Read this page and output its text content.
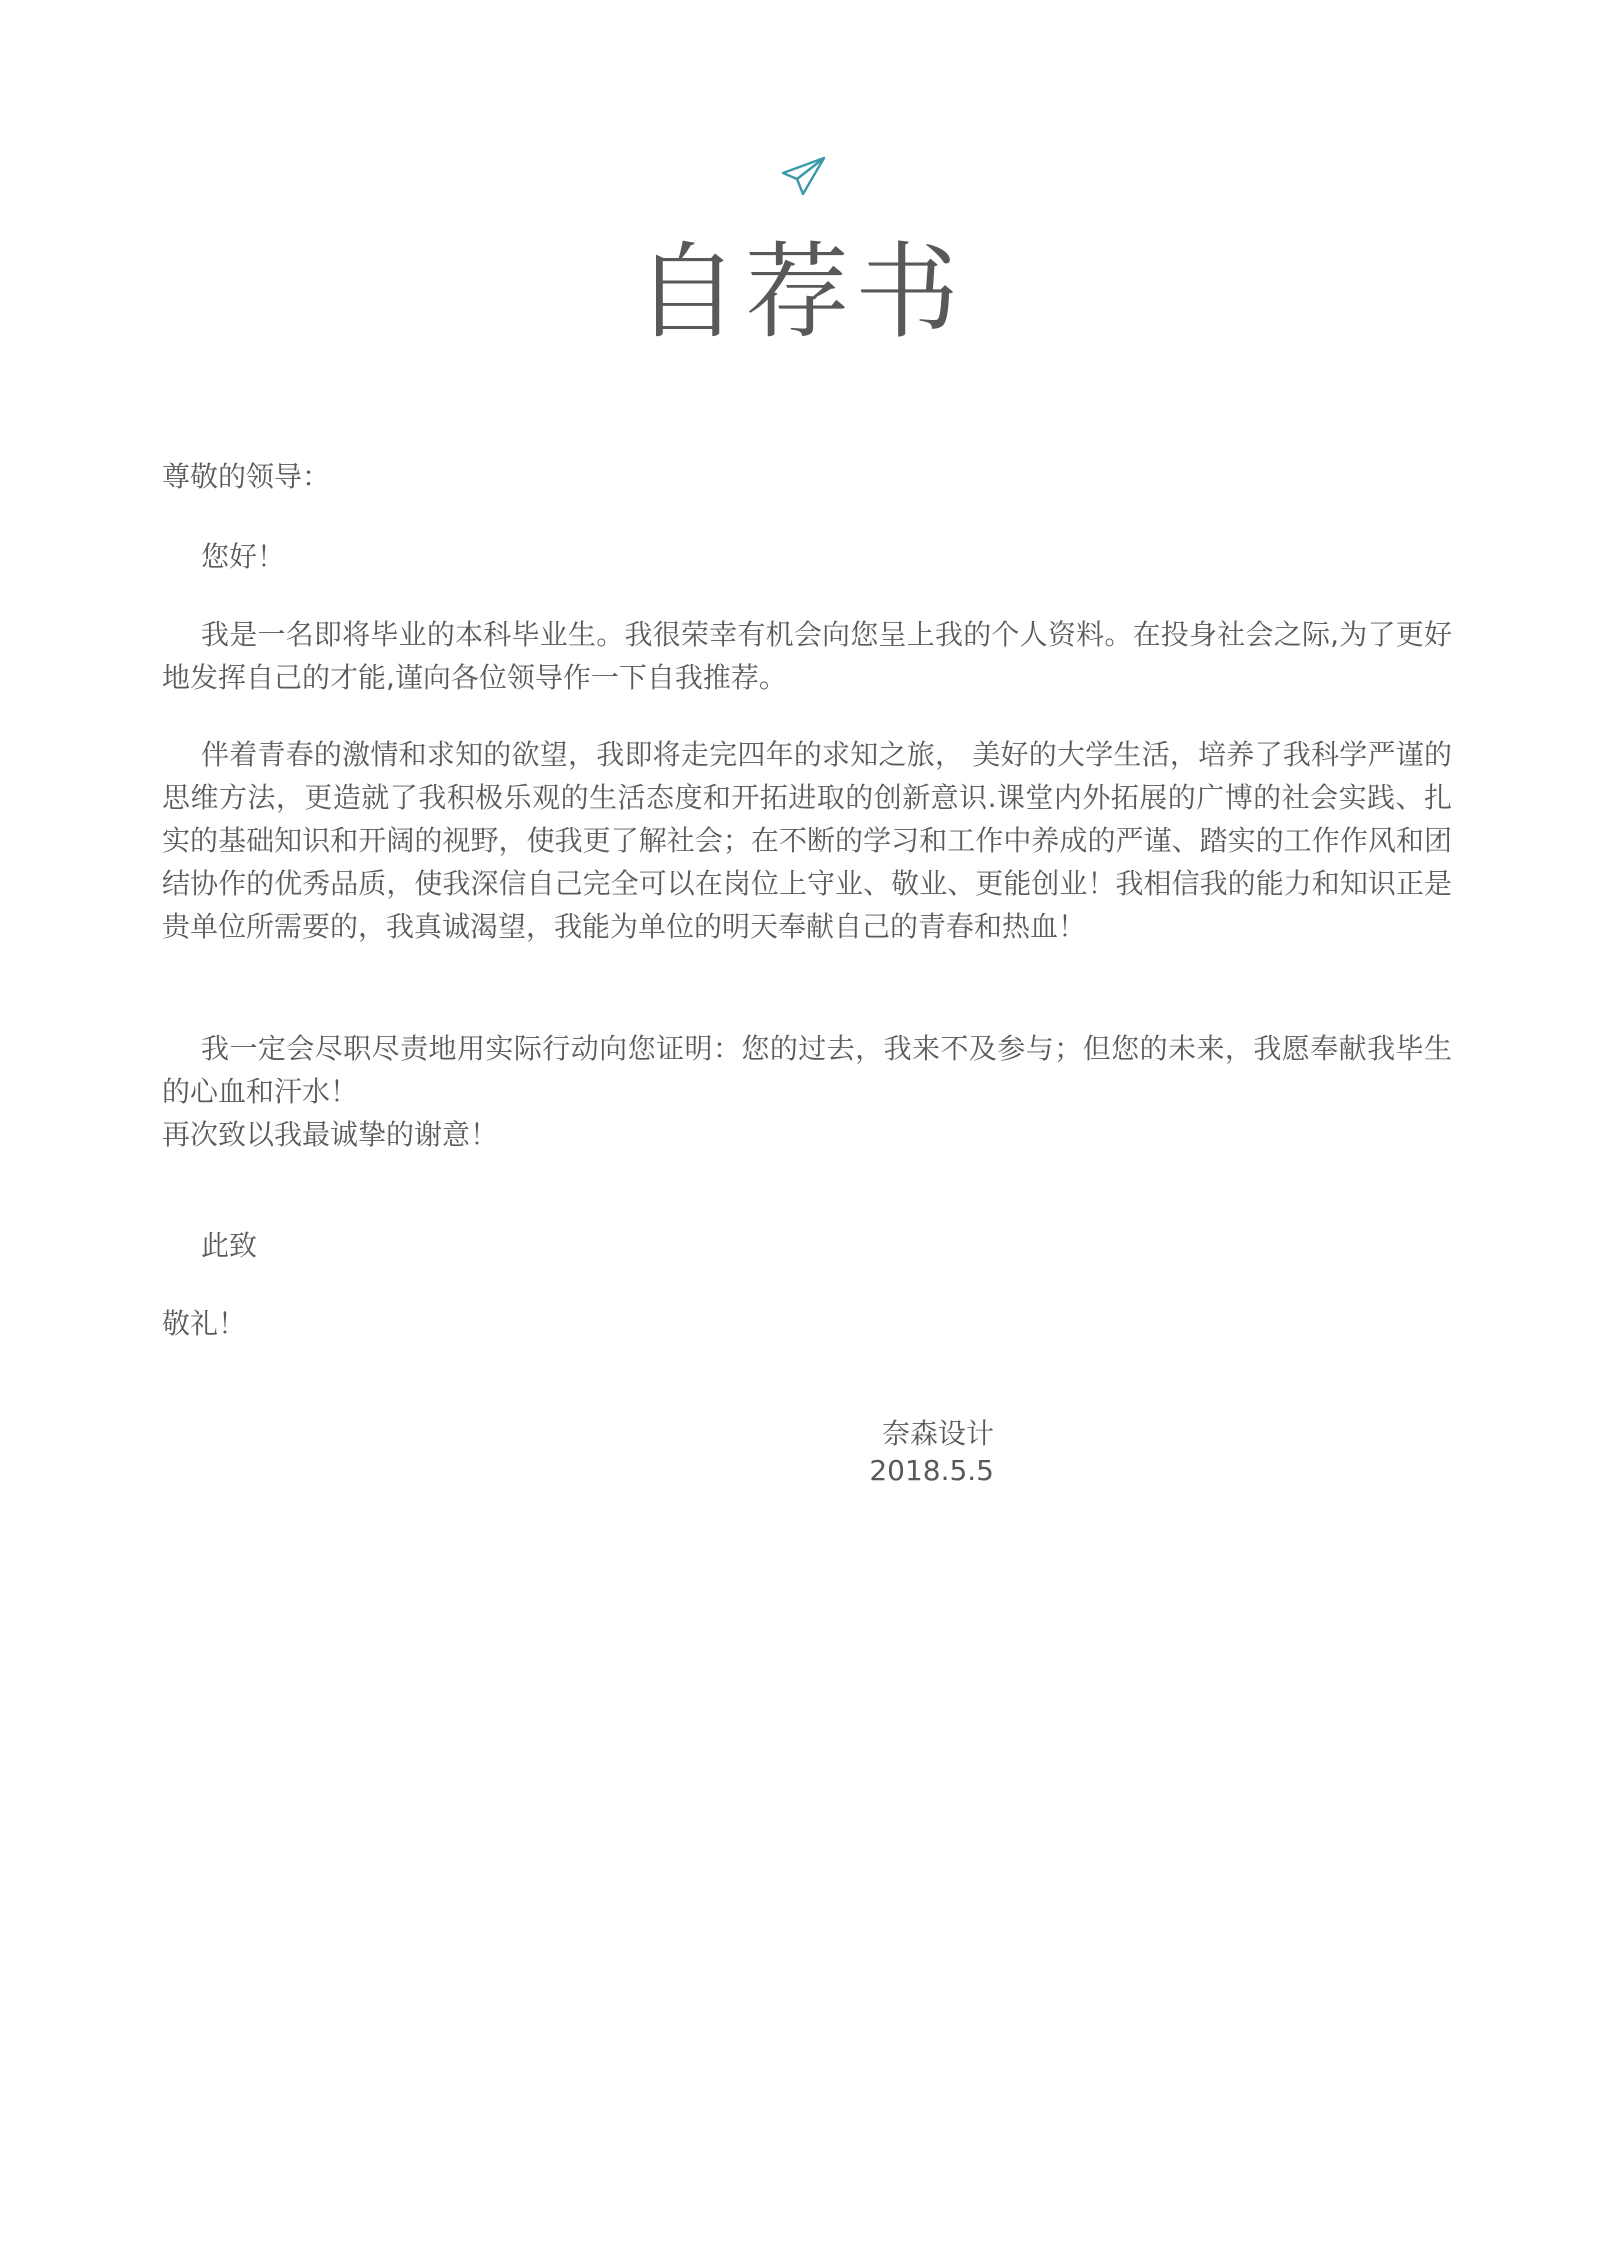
自荐书

尊敬的领导：

您好！

我是一名即将毕业的本科毕业生。我很荣幸有机会向您呈上我的个人资料。在投身社会之际,为了更好地发挥自己的才能,谨向各位领导作一下自我推荐。

伴着青春的激情和求知的欲望，我即将走完四年的求知之旅， 美好的大学生活，培养了我科学严谨的思维方法，更造就了我积极乐观的生活态度和开拓进取的创新意识.课堂内外拓展的广博的社会实践、扎实的基础知识和开阔的视野，使我更了解社会；在不断的学习和工作中养成的严谨、踏实的工作作风和团结协作的优秀品质，使我深信自己完全可以在岗位上守业、敬业、更能创业！我相信我的能力和知识正是贵单位所需要的，我真诚渴望，我能为单位的明天奉献自己的青春和热血！

我一定会尽职尽责地用实际行动向您证明：您的过去，我来不及参与；但您的未来，我愿奉献我毕生的心血和汗水！

再次致以我最诚挚的谢意！

此致

敬礼！

奈森设计
2018.5.5
